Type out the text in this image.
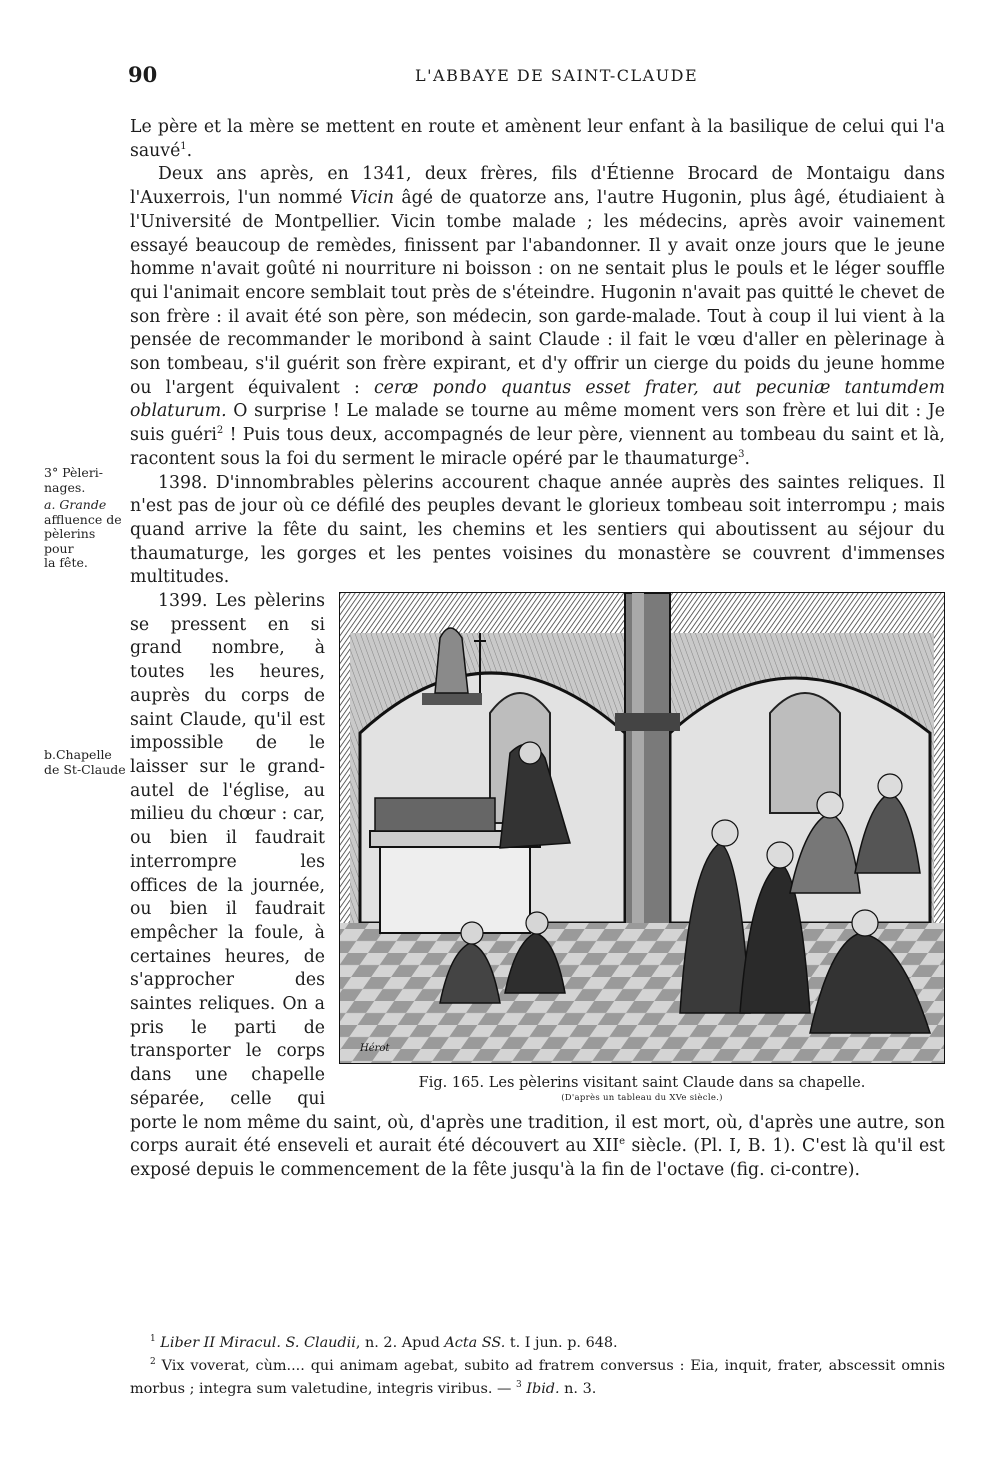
90	L'ABBAYE DE SAINT-CLAUDE
3° Pèleri-
nages.
a. Grande
affluence de
pèlerins pour
la fête.
b.Chapelle
de St-Claude

Le père et la mère se mettent en route et amènent leur enfant à la basilique de celui qui l'a sauvé$^1$.

Deux ans après, en 1341, deux frères, fils d'Étienne Brocard de Montaigu dans l'Auxerrois, l'un nommé Vicin âgé de quatorze ans, l'autre Hugonin, plus âgé, étudiaient à l'Université de Montpellier. Vicin tombe malade ; les médecins, après avoir vainement essayé beaucoup de remèdes, finissent par l'abandonner. Il y avait onze jours que le jeune homme n'avait goûté ni nourriture ni boisson : on ne sentait plus le pouls et le léger souffle qui l'animait encore semblait tout près de s'éteindre. Hugonin n'avait pas quitté le chevet de son frère : il avait été son père, son médecin, son garde-malade. Tout à coup il lui vient à la pensée de recommander le moribond à saint Claude : il fait le vœu d'aller en pèlerinage à son tombeau, s'il guérit son frère expirant, et d'y offrir un cierge du poids du jeune homme ou l'argent équivalent : ceræ pondo quantus esset frater, aut pecuniæ tantumdem oblaturum. O surprise ! Le malade se tourne au même moment vers son frère et lui dit : Je suis guéri$^2$ ! Puis tous deux, accompagnés de leur père, viennent au tombeau du saint et là, racontent sous la foi du serment le miracle opéré par le thaumaturge$^3$.

1398. D'innombrables pèlerins accourent chaque année auprès des saintes reliques. Il n'est pas de jour où ce défilé des peuples devant le glorieux tombeau soit interrompu ; mais quand arrive la fête du saint, les chemins et les sentiers qui aboutissent au séjour du thaumaturge, les gorges et les pentes voisines du monastère se couvrent d'immenses multitudes.

Hérot
Fig. 165. Les pèlerins visitant saint Claude dans sa chapelle.
(D'après un tableau du XVe siècle.)

1399. Les pèlerins se pressent en si grand nombre, à toutes les heures, auprès du corps de saint Claude, qu'il est impossible de le laisser sur le grand-autel de l'église, au milieu du chœur : car, ou bien il faudrait interrompre les offices de la journée, ou bien il faudrait empêcher la foule, à certaines heures, de s'approcher des saintes reliques. On a pris le parti de transporter le corps dans une chapelle séparée, celle qui porte le nom même du saint, où, d'après une tradition, il est mort, où, d'après une autre, son corps aurait été enseveli et aurait été découvert au XIIe siècle. (Pl. I, B. 1). C'est là qu'il est exposé depuis le commencement de la fête jusqu'à la fin de l'octave (fig. ci-contre).

$^1$ Liber II Miracul. S. Claudii, n. 2. Apud Acta SS. t. I jun. p. 648.

$^2$ Vix voverat, cùm.... qui animam agebat, subito ad fratrem conversus : Eia, inquit, frater, abscessit omnis morbus ; integra sum valetudine, integris viribus. — $^3$ Ibid. n. 3.
